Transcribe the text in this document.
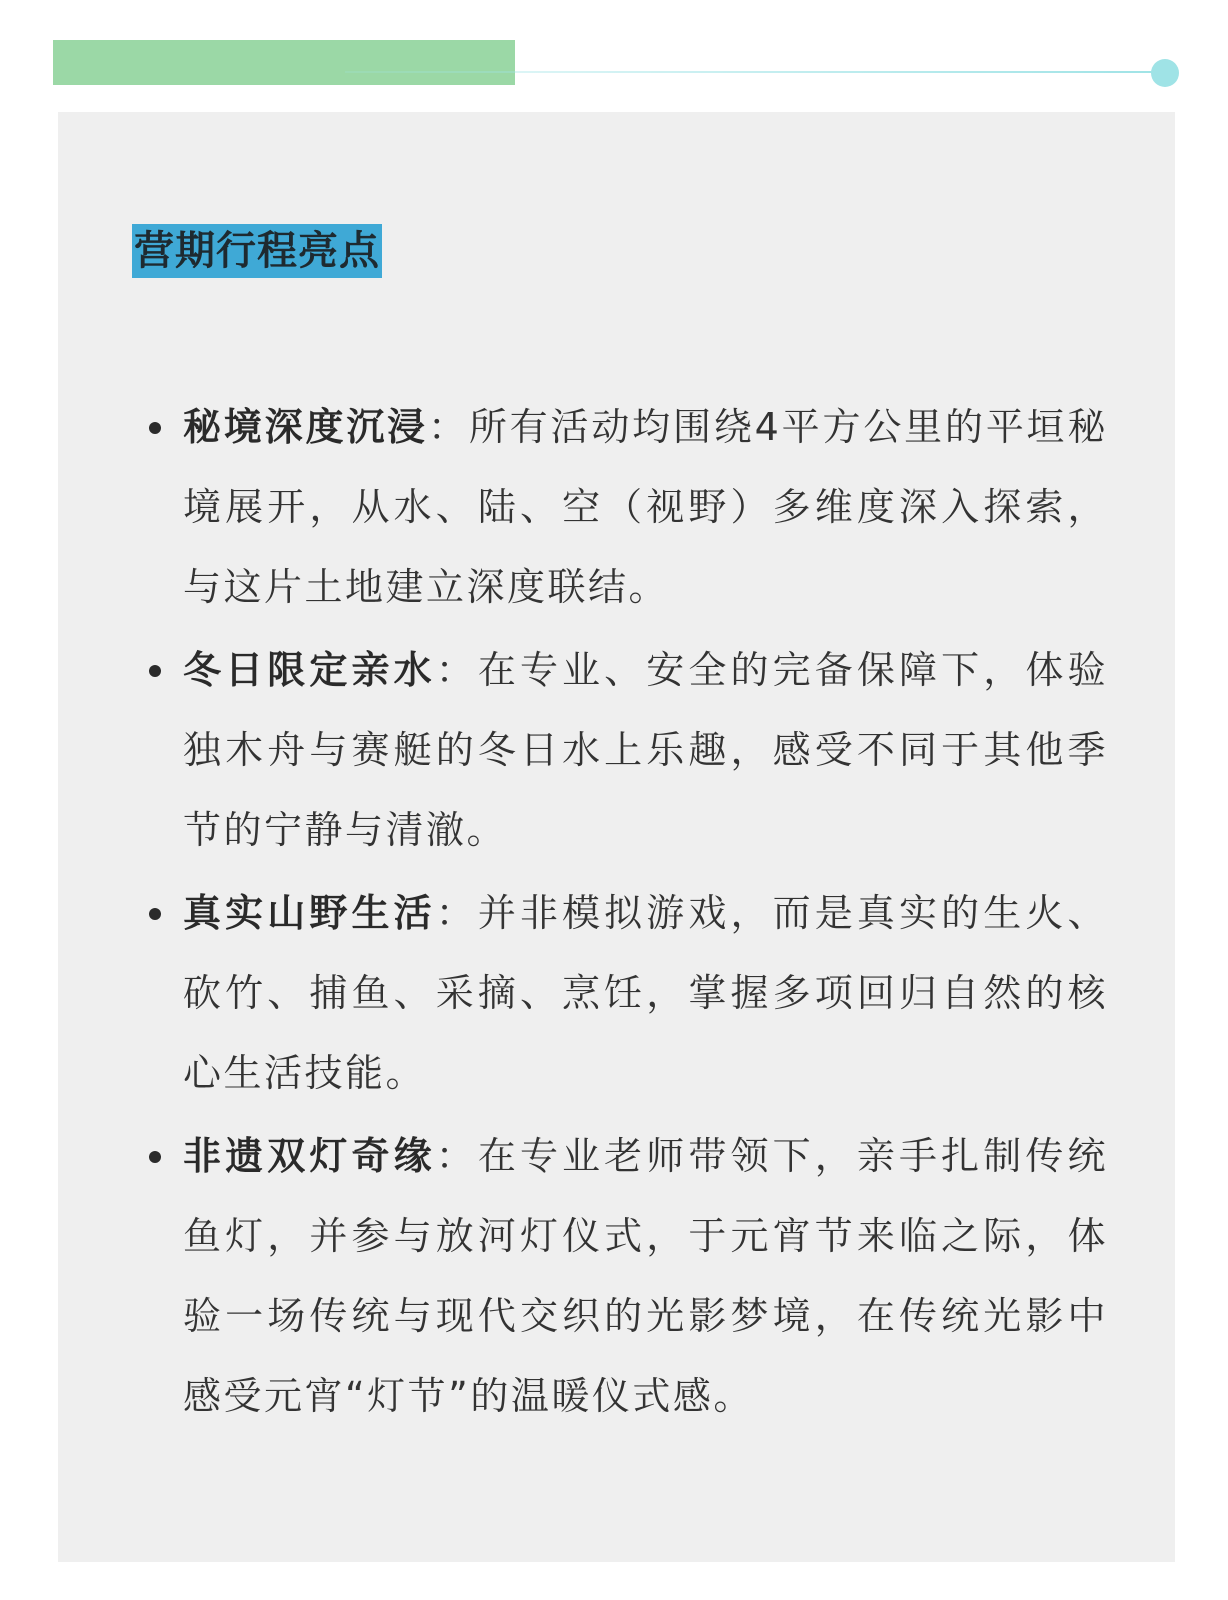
营期行程亮点
秘境深度沉浸：所有活动均围绕4平方公里的平垣秘境展开，从水、陆、空（视野）多维度深入探索，与这片土地建立深度联结。
冬日限定亲水：在专业、安全的完备保障下，体验独木舟与赛艇的冬日水上乐趣，感受不同于其他季节的宁静与清澈。
真实山野生活：并非模拟游戏，而是真实的生火、砍竹、捕鱼、采摘、烹饪，掌握多项回归自然的核心生活技能。
非遗双灯奇缘：在专业老师带领下，亲手扎制传统鱼灯，并参与放河灯仪式，于元宵节来临之际，体验一场传统与现代交织的光影梦境，在传统光影中感受元宵“灯节”的温暖仪式感。
